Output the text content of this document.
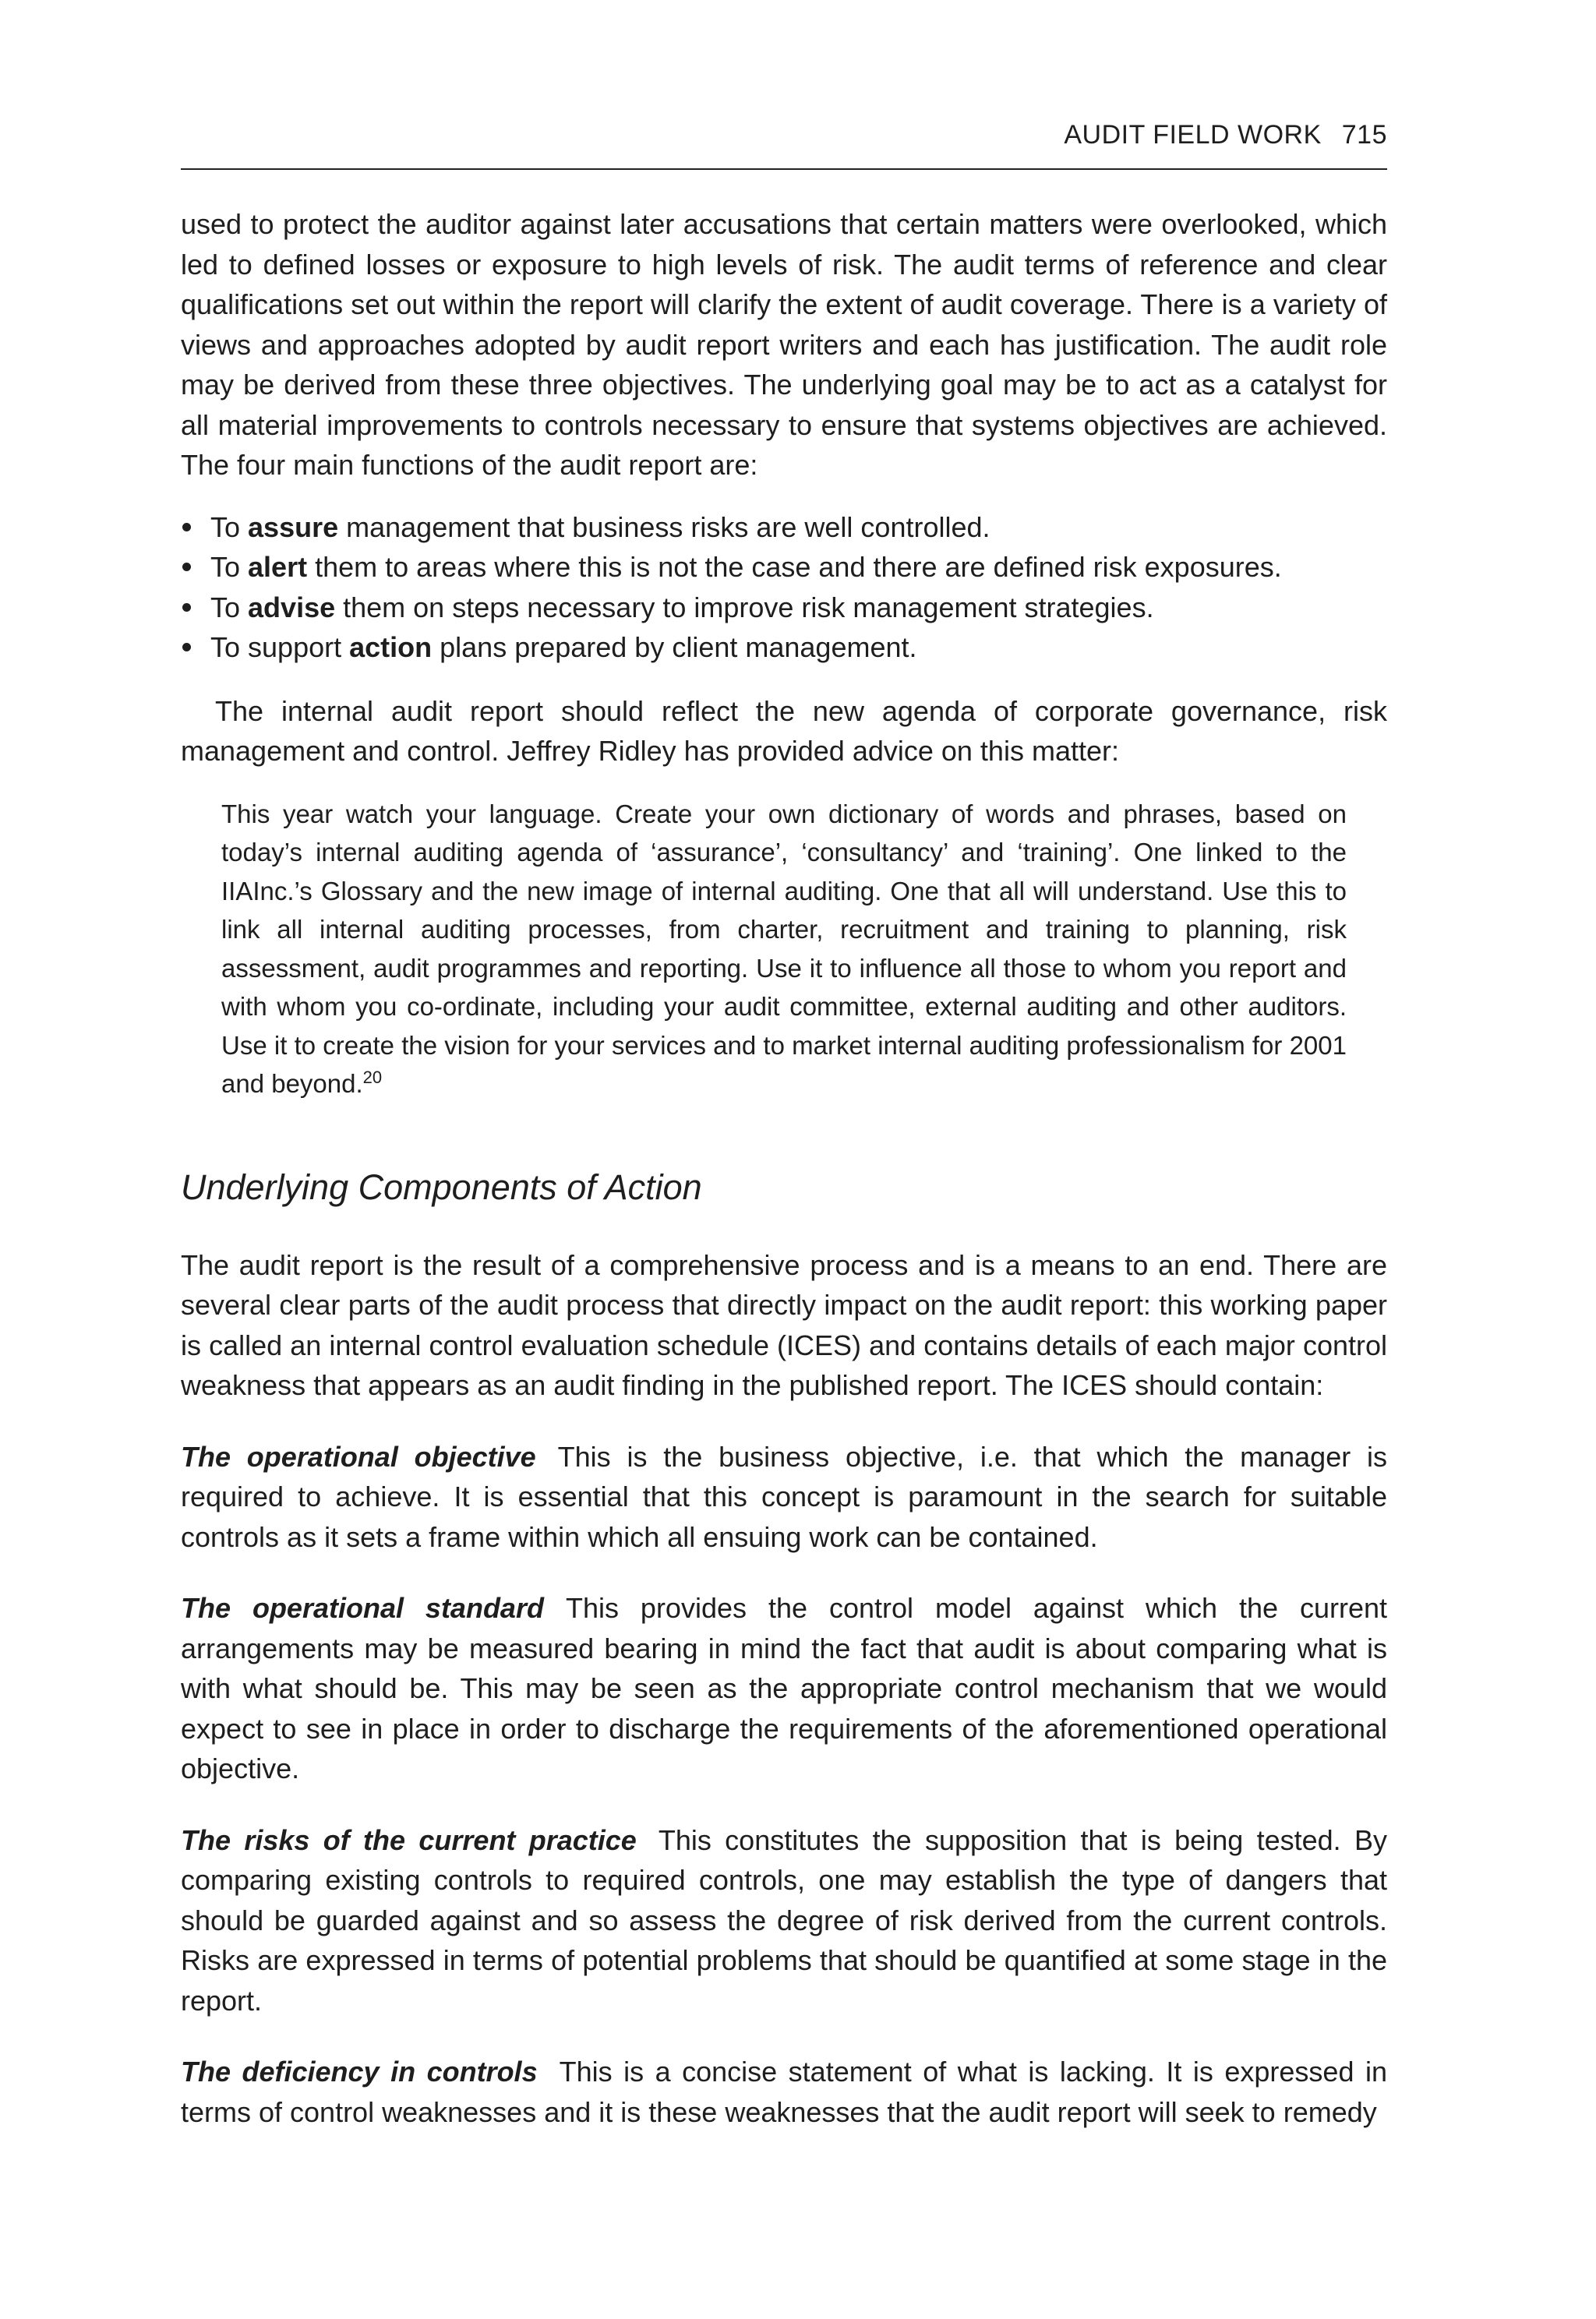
AUDIT FIELD WORK 715

used to protect the auditor against later accusations that certain matters were overlooked, which led to defined losses or exposure to high levels of risk. The audit terms of reference and clear qualifications set out within the report will clarify the extent of audit coverage. There is a variety of views and approaches adopted by audit report writers and each has justification. The audit role may be derived from these three objectives. The underlying goal may be to act as a catalyst for all material improvements to controls necessary to ensure that systems objectives are achieved. The four main functions of the audit report are:

To assure management that business risks are well controlled.
To alert them to areas where this is not the case and there are defined risk exposures.
To advise them on steps necessary to improve risk management strategies.
To support action plans prepared by client management.

The internal audit report should reflect the new agenda of corporate governance, risk management and control. Jeffrey Ridley has provided advice on this matter:

This year watch your language. Create your own dictionary of words and phrases, based on today’s internal auditing agenda of ‘assurance’, ‘consultancy’ and ‘training’. One linked to the IIAInc.’s Glossary and the new image of internal auditing. One that all will understand. Use this to link all internal auditing processes, from charter, recruitment and training to planning, risk assessment, audit programmes and reporting. Use it to influence all those to whom you report and with whom you co-ordinate, including your audit committee, external auditing and other auditors. Use it to create the vision for your services and to market internal auditing professionalism for 2001 and beyond.$^{20}$

Underlying Components of Action

The audit report is the result of a comprehensive process and is a means to an end. There are several clear parts of the audit process that directly impact on the audit report: this working paper is called an internal control evaluation schedule (ICES) and contains details of each major control weakness that appears as an audit finding in the published report. The ICES should contain:

The operational objective This is the business objective, i.e. that which the manager is required to achieve. It is essential that this concept is paramount in the search for suitable controls as it sets a frame within which all ensuing work can be contained.

The operational standard This provides the control model against which the current arrangements may be measured bearing in mind the fact that audit is about comparing what is with what should be. This may be seen as the appropriate control mechanism that we would expect to see in place in order to discharge the requirements of the aforementioned operational objective.

The risks of the current practice This constitutes the supposition that is being tested. By comparing existing controls to required controls, one may establish the type of dangers that should be guarded against and so assess the degree of risk derived from the current controls. Risks are expressed in terms of potential problems that should be quantified at some stage in the report.

The deficiency in controls This is a concise statement of what is lacking. It is expressed in terms of control weaknesses and it is these weaknesses that the audit report will seek to remedy
